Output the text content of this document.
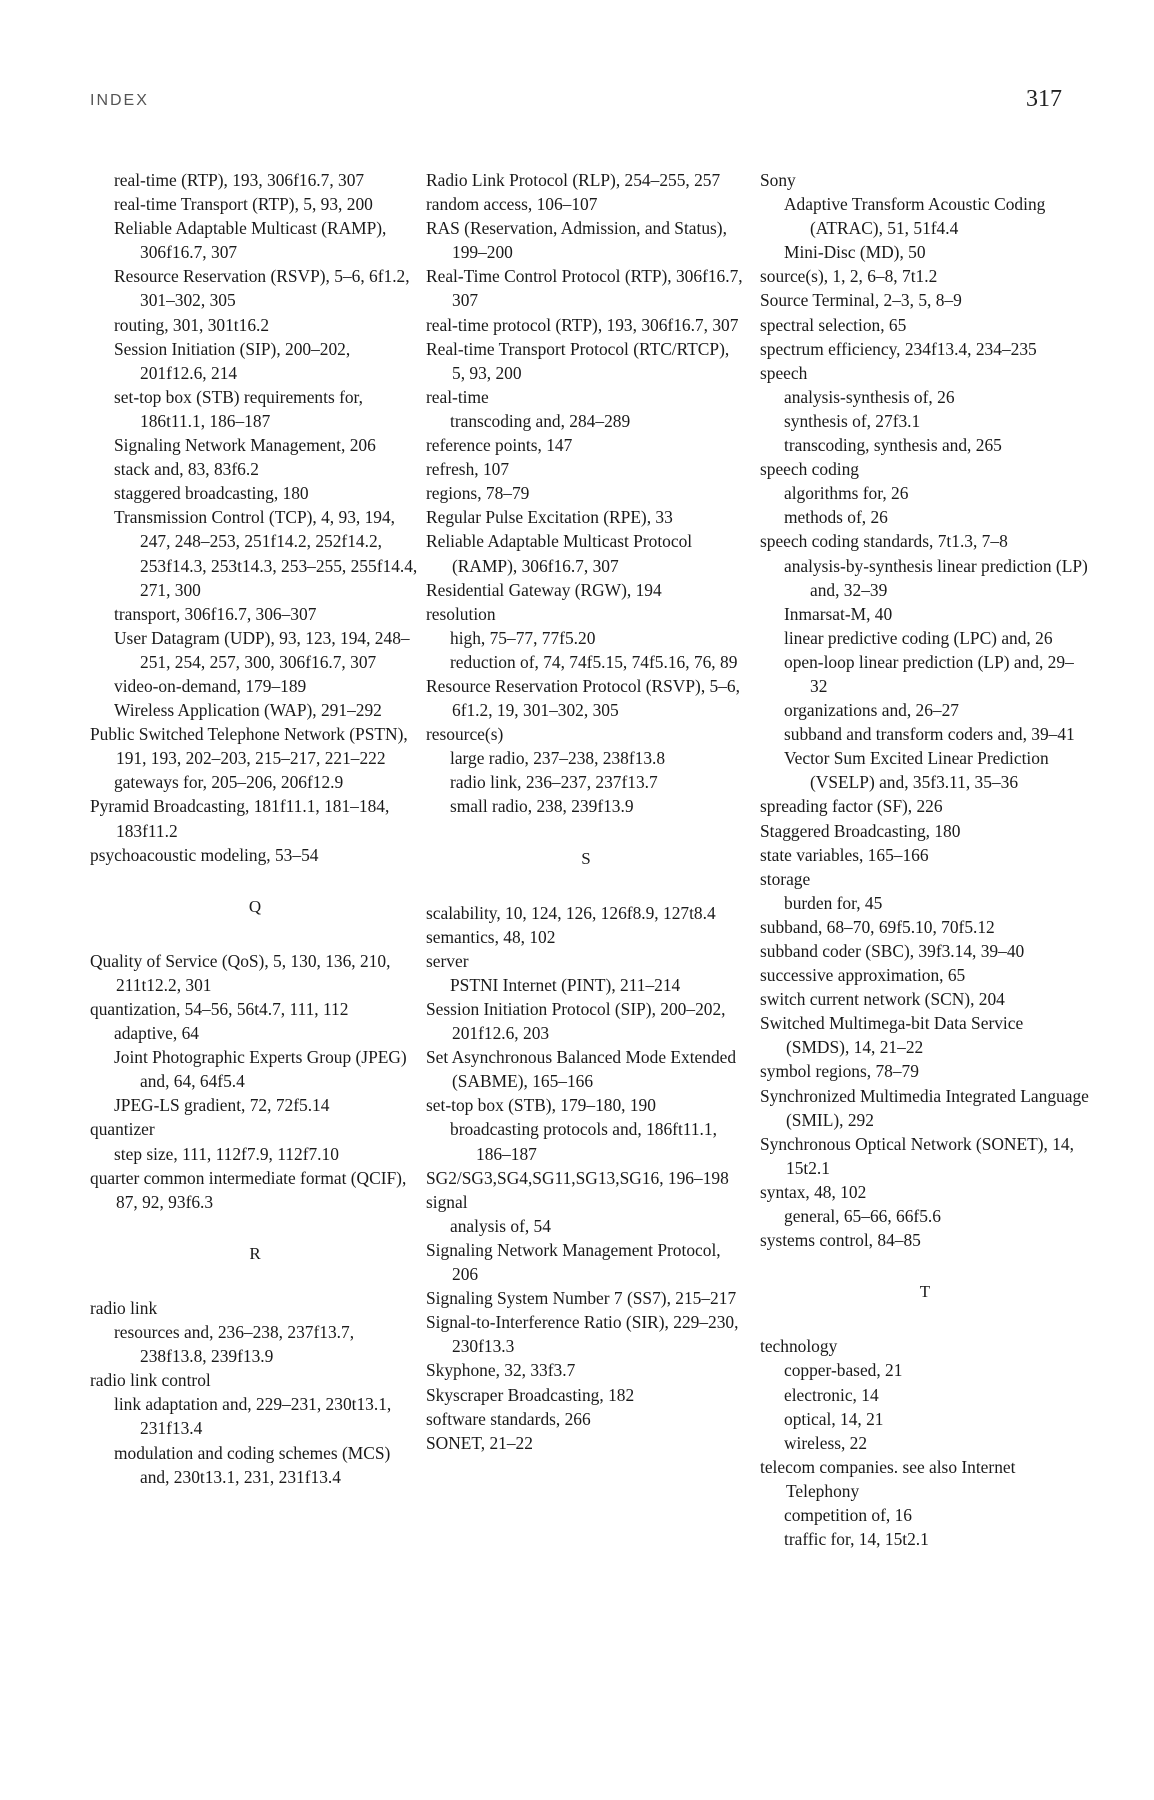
INDEX	317

real-time (RTP), 193, 306f16.7, 307

real-time Transport (RTP), 5, 93, 200

Reliable Adaptable Multicast (RAMP), 306f16.7, 307

Resource Reservation (RSVP), 5–6, 6f1.2, 301–302, 305

routing, 301, 301t16.2

Session Initiation (SIP), 200–202, 201f12.6, 214

set-top box (STB) requirements for, 186t11.1, 186–187

Signaling Network Management, 206

stack and, 83, 83f6.2

staggered broadcasting, 180

Transmission Control (TCP), 4, 93, 194, 247, 248–253, 251f14.2, 252f14.2, 253f14.3, 253t14.3, 253–255, 255f14.4, 271, 300

transport, 306f16.7, 306–307

User Datagram (UDP), 93, 123, 194, 248–251, 254, 257, 300, 306f16.7, 307

video-on-demand, 179–189

Wireless Application (WAP), 291–292

Public Switched Telephone Network (PSTN), 191, 193, 202–203, 215–217, 221–222

gateways for, 205–206, 206f12.9

Pyramid Broadcasting, 181f11.1, 181–184, 183f11.2

psychoacoustic modeling, 53–54

Q

Quality of Service (QoS), 5, 130, 136, 210, 211t12.2, 301

quantization, 54–56, 56t4.7, 111, 112

adaptive, 64

Joint Photographic Experts Group (JPEG) and, 64, 64f5.4

JPEG-LS gradient, 72, 72f5.14

quantizer

step size, 111, 112f7.9, 112f7.10

quarter common intermediate format (QCIF), 87, 92, 93f6.3

R

radio link

resources and, 236–238, 237f13.7, 238f13.8, 239f13.9

radio link control

link adaptation and, 229–231, 230t13.1, 231f13.4

modulation and coding schemes (MCS) and, 230t13.1, 231, 231f13.4

Radio Link Protocol (RLP), 254–255, 257

random access, 106–107

RAS (Reservation, Admission, and Status), 199–200

Real-Time Control Protocol (RTP), 306f16.7, 307

real-time protocol (RTP), 193, 306f16.7, 307

Real-time Transport Protocol (RTC/RTCP), 5, 93, 200

real-time

transcoding and, 284–289

reference points, 147

refresh, 107

regions, 78–79

Regular Pulse Excitation (RPE), 33

Reliable Adaptable Multicast Protocol (RAMP), 306f16.7, 307

Residential Gateway (RGW), 194

resolution

high, 75–77, 77f5.20

reduction of, 74, 74f5.15, 74f5.16, 76, 89

Resource Reservation Protocol (RSVP), 5–6, 6f1.2, 19, 301–302, 305

resource(s)

large radio, 237–238, 238f13.8

radio link, 236–237, 237f13.7

small radio, 238, 239f13.9

S

scalability, 10, 124, 126, 126f8.9, 127t8.4

semantics, 48, 102

server

PSTNI Internet (PINT), 211–214

Session Initiation Protocol (SIP), 200–202, 201f12.6, 203

Set Asynchronous Balanced Mode Extended (SABME), 165–166

set-top box (STB), 179–180, 190

broadcasting protocols and, 186ft11.1, 186–187

SG2/SG3,SG4,SG11,SG13,SG16, 196–198

signal

analysis of, 54

Signaling Network Management Protocol, 206

Signaling System Number 7 (SS7), 215–217

Signal-to-Interference Ratio (SIR), 229–230, 230f13.3

Skyphone, 32, 33f3.7

Skyscraper Broadcasting, 182

software standards, 266

SONET, 21–22

Sony

Adaptive Transform Acoustic Coding (ATRAC), 51, 51f4.4

Mini-Disc (MD), 50

source(s), 1, 2, 6–8, 7t1.2

Source Terminal, 2–3, 5, 8–9

spectral selection, 65

spectrum efficiency, 234f13.4, 234–235

speech

analysis-synthesis of, 26

synthesis of, 27f3.1

transcoding, synthesis and, 265

speech coding

algorithms for, 26

methods of, 26

speech coding standards, 7t1.3, 7–8

analysis-by-synthesis linear prediction (LP) and, 32–39

Inmarsat-M, 40

linear predictive coding (LPC) and, 26

open-loop linear prediction (LP) and, 29–32

organizations and, 26–27

subband and transform coders and, 39–41

Vector Sum Excited Linear Prediction (VSELP) and, 35f3.11, 35–36

spreading factor (SF), 226

Staggered Broadcasting, 180

state variables, 165–166

storage

burden for, 45

subband, 68–70, 69f5.10, 70f5.12

subband coder (SBC), 39f3.14, 39–40

successive approximation, 65

switch current network (SCN), 204

Switched Multimega-bit Data Service (SMDS), 14, 21–22

symbol regions, 78–79

Synchronized Multimedia Integrated Language (SMIL), 292

Synchronous Optical Network (SONET), 14, 15t2.1

syntax, 48, 102

general, 65–66, 66f5.6

systems control, 84–85

T

technology

copper-based, 21

electronic, 14

optical, 14, 21

wireless, 22

telecom companies. see also Internet Telephony

competition of, 16

traffic for, 14, 15t2.1
